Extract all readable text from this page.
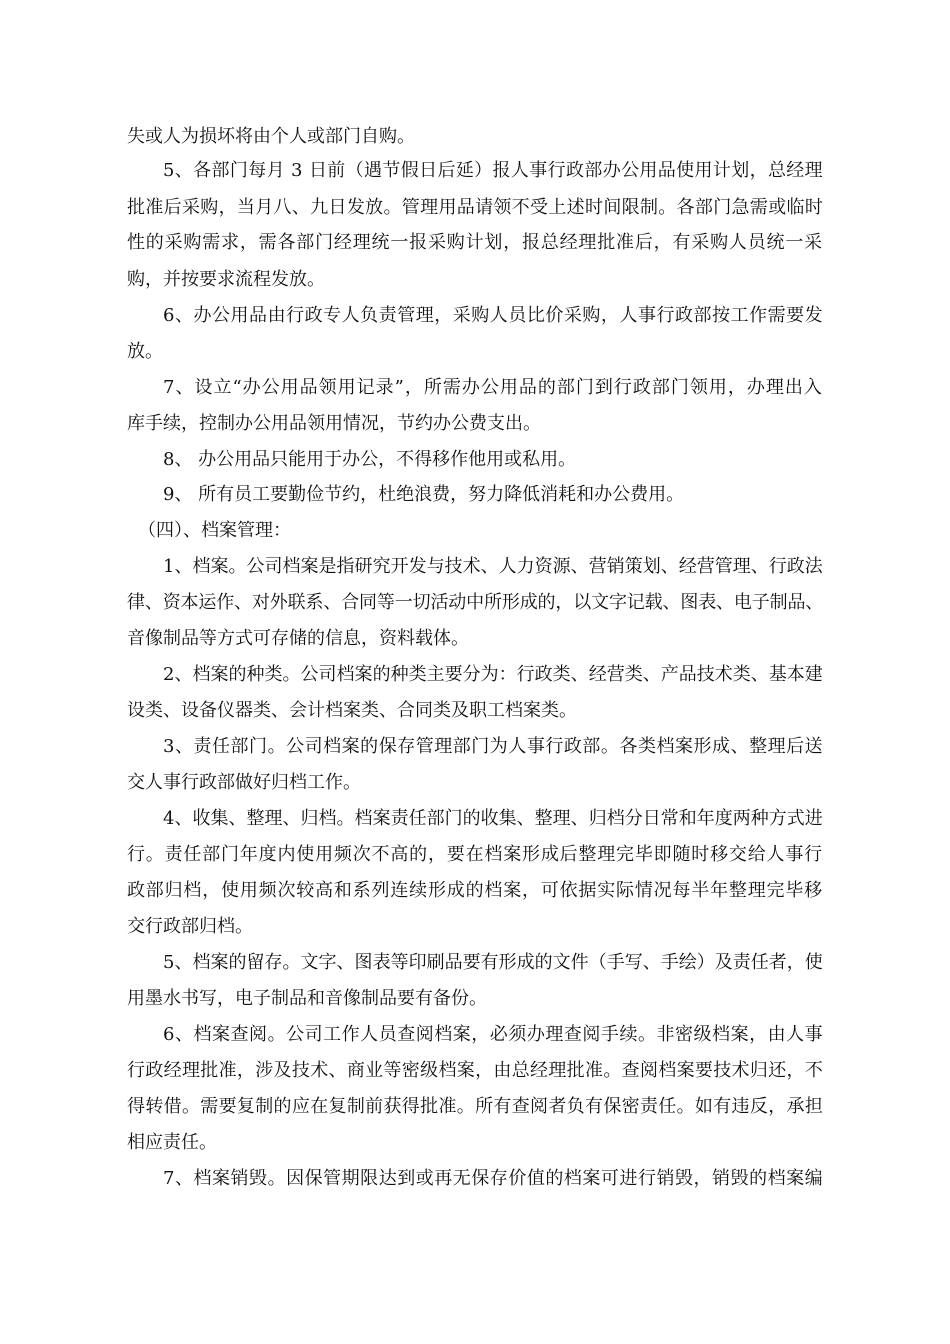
失或人为损坏将由个人或部门自购。

5、各部门每月 3 日前（遇节假日后延）报人事行政部办公用品使用计划，总经理

批准后采购，当月八、九日发放。管理用品请领不受上述时间限制。各部门急需或临时

性的采购需求，需各部门经理统一报采购计划，报总经理批准后，有采购人员统一采

购，并按要求流程发放。

6、办公用品由行政专人负责管理，采购人员比价采购，人事行政部按工作需要发

放。

7、设立“办公用品领用记录”，所需办公用品的部门到行政部门领用，办理出入

库手续，控制办公用品领用情况，节约办公费支出。

8、 办公用品只能用于办公，不得移作他用或私用。

9、 所有员工要勤俭节约，杜绝浪费，努力降低消耗和办公费用。

（四）、档案管理：

1、档案。公司档案是指研究开发与技术、人力资源、营销策划、经营管理、行政法

律、资本运作、对外联系、合同等一切活动中所形成的，以文字记载、图表、电子制品、

音像制品等方式可存储的信息，资料载体。

2、档案的种类。公司档案的种类主要分为：行政类、经营类、产品技术类、基本建

设类、设备仪器类、会计档案类、合同类及职工档案类。

3、责任部门。公司档案的保存管理部门为人事行政部。各类档案形成、整理后送

交人事行政部做好归档工作。

4、收集、整理、归档。档案责任部门的收集、整理、归档分日常和年度两种方式进

行。责任部门年度内使用频次不高的，要在档案形成后整理完毕即随时移交给人事行

政部归档，使用频次较高和系列连续形成的档案，可依据实际情况每半年整理完毕移

交行政部归档。

5、档案的留存。文字、图表等印刷品要有形成的文件（手写、手绘）及责任者，使

用墨水书写，电子制品和音像制品要有备份。

6、档案查阅。公司工作人员查阅档案，必须办理查阅手续。非密级档案，由人事

行政经理批准，涉及技术、商业等密级档案，由总经理批准。查阅档案要技术归还，不

得转借。需要复制的应在复制前获得批准。所有查阅者负有保密责任。如有违反，承担

相应责任。

7、档案销毁。因保管期限达到或再无保存价值的档案可进行销毁，销毁的档案编
